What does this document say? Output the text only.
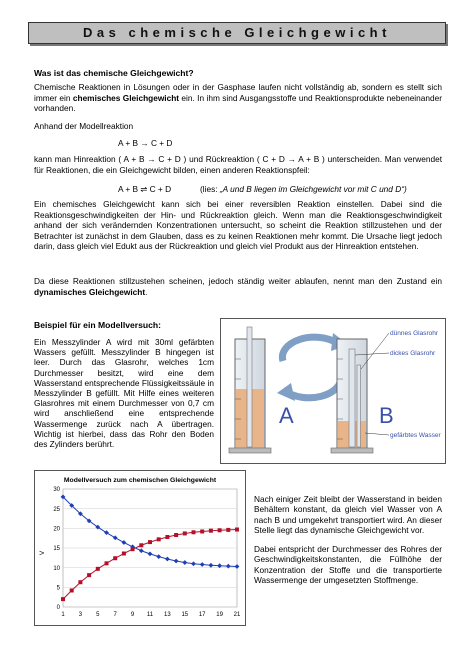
Das chemische Gleichgewicht
Was ist das chemische Gleichgewicht?
Chemische Reaktionen in Lösungen oder in der Gasphase laufen nicht vollständig ab, sondern es stellt sich immer ein chemisches Gleichgewicht ein. In ihm sind Ausgangsstoffe und Reaktionsprodukte nebeneinander vorhanden.
Anhand der Modellreaktion
A + B → C + D
kann man Hinreaktion ( A + B → C + D ) und Rückreaktion ( C + D → A + B ) unterscheiden. Man verwendet für Reaktionen, die ein Gleichgewicht bilden, einen anderen Reaktionspfeil:
A + B ⇌ C + D	(lies: „A und B liegen im Gleichgewicht vor mit C und D“)
Ein chemisches Gleichgewicht kann sich bei einer reversiblen Reaktion einstellen. Dabei sind die Reaktionsgeschwindigkeiten der Hin- und Rückreaktion gleich. Wenn man die Reaktionsgeschwindigkeit anhand der sich verändernden Konzentrationen untersucht, so scheint die Reaktion stillzustehen und der Betrachter ist zunächst in dem Glauben, dass es zu keinen Reaktionen mehr kommt. Die Ursache liegt jedoch darin, dass gleich viel Edukt aus der Rückreaktion und gleich viel Produkt aus der Hinreaktion entstehen.
Da diese Reaktionen stillzustehen scheinen, jedoch ständig weiter ablaufen, nennt man den Zustand ein dynamisches Gleichgewicht.
Beispiel für ein Modellversuch:
Ein Messzylinder A wird mit 30ml gefärbten Wassers gefüllt. Messzylinder B hingegen ist leer. Durch das Glasrohr, welches 1cm Durchmesser besitzt, wird eine dem Wasserstand entsprechende Flüssigkeitssäule in Messzylinder B gefüllt. Mit Hilfe eines weiteren Glasrohres mit einem Durchmesser von 0,7 cm wird anschließend eine entsprechende Wassermenge zurück nach A übertragen. Wichtig ist hierbei, dass das Rohr den Boden des Zylinders berührt.
A	B
dünnes Glasrohr
dickes Glasrohr
gefärbtes Wasser
Modellversuch zum chemischen Gleichgewicht
V
0
5
10
15
20
25
30
1 3 5 7 9 11 13 15 17 19 21
Nach einiger Zeit bleibt der Wasserstand in beiden Behältern konstant, da gleich viel Wasser von A nach B und umgekehrt transportiert wird. An dieser Stelle liegt das dynamische Gleichgewicht vor.
Dabei entspricht der Durchmesser des Rohres der Geschwindigkeitskonstanten, die Füllhöhe der Konzentration der Stoffe und die transportierte Wassermenge der umgesetzten Stoffmenge.
